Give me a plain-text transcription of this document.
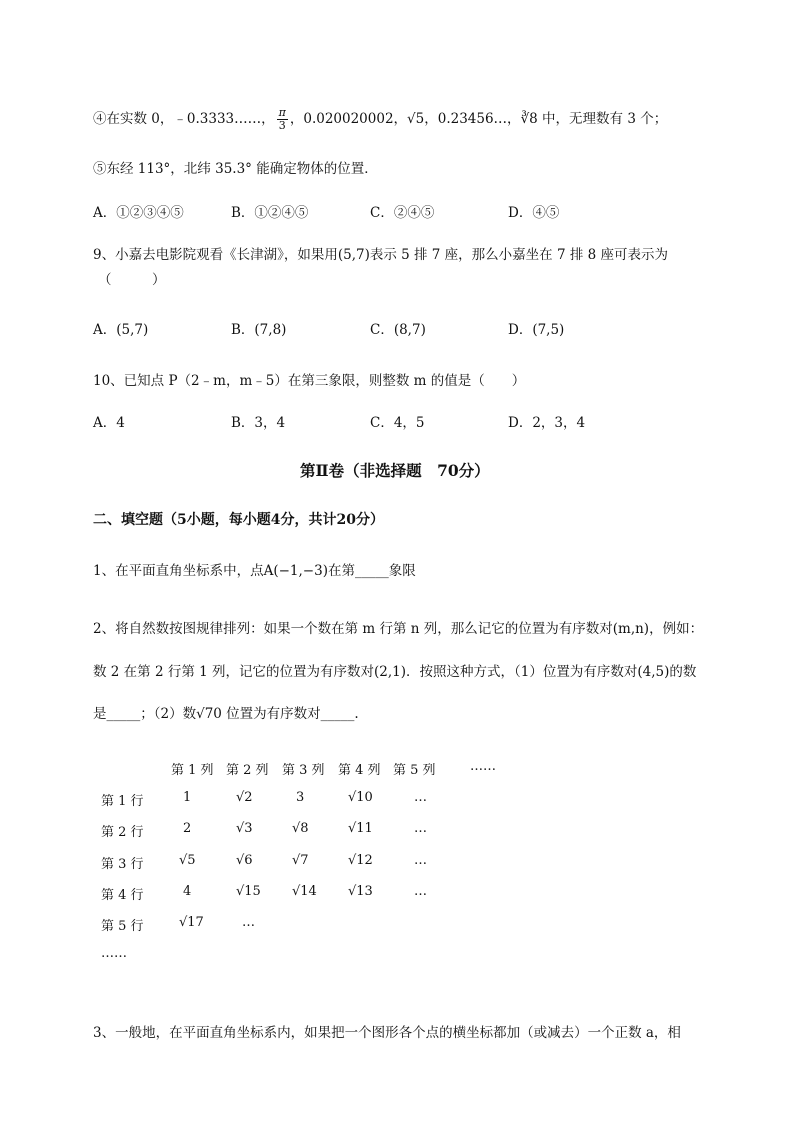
④在实数 0，﹣0.3333……， $\frac{\pi}{3}$ ，0.020020002，√5，0.23456…，∛8 中，无理数有 3 个；
⑤东经 113°，北纬 35.3° 能确定物体的位置．
A．①②③④⑤	B．①②④⑤	C．②④⑤	D．④⑤
9、小嘉去电影院观看《长津湖》，如果用(5,7)表示 5 排 7 座，那么小嘉坐在 7 排 8 座可表示为
（　　　）
A．(5,7)	B．(7,8)	C．(8,7)	D．(7,5)
10、已知点 P（2﹣m，m﹣5）在第三象限，则整数 m 的值是（　　）
A．4	B．3，4	C．4，5	D．2，3，4
第Ⅱ卷（非选择题　70分）
二、填空题（5小题，每小题4分，共计20分）
1、在平面直角坐标系中，点A(−1,−3)在第_____象限
2、将自然数按图规律排列：如果一个数在第 m 行第 n 列，那么记它的位置为有序数对(m,n)，例如：
数 2 在第 2 行第 1 列，记它的位置为有序数对(2,1)．按照这种方式，（1）位置为有序数对(4,5)的数
是_____；（2）数√70 位置为有序数对_____.
第 1 列 第 2 列 第 3 列 第 4 列 第 5 列	……
第 1 行	1	√2	3	√10	…
第 2 行	2	√3	√8	√11	…
第 3 行	√5	√6	√7	√12	…
第 4 行	4	√15 √14 √13	…
第 5 行	√17	…
……
3、一般地，在平面直角坐标系内，如果把一个图形各个点的横坐标都加（或减去）一个正数 a，相
